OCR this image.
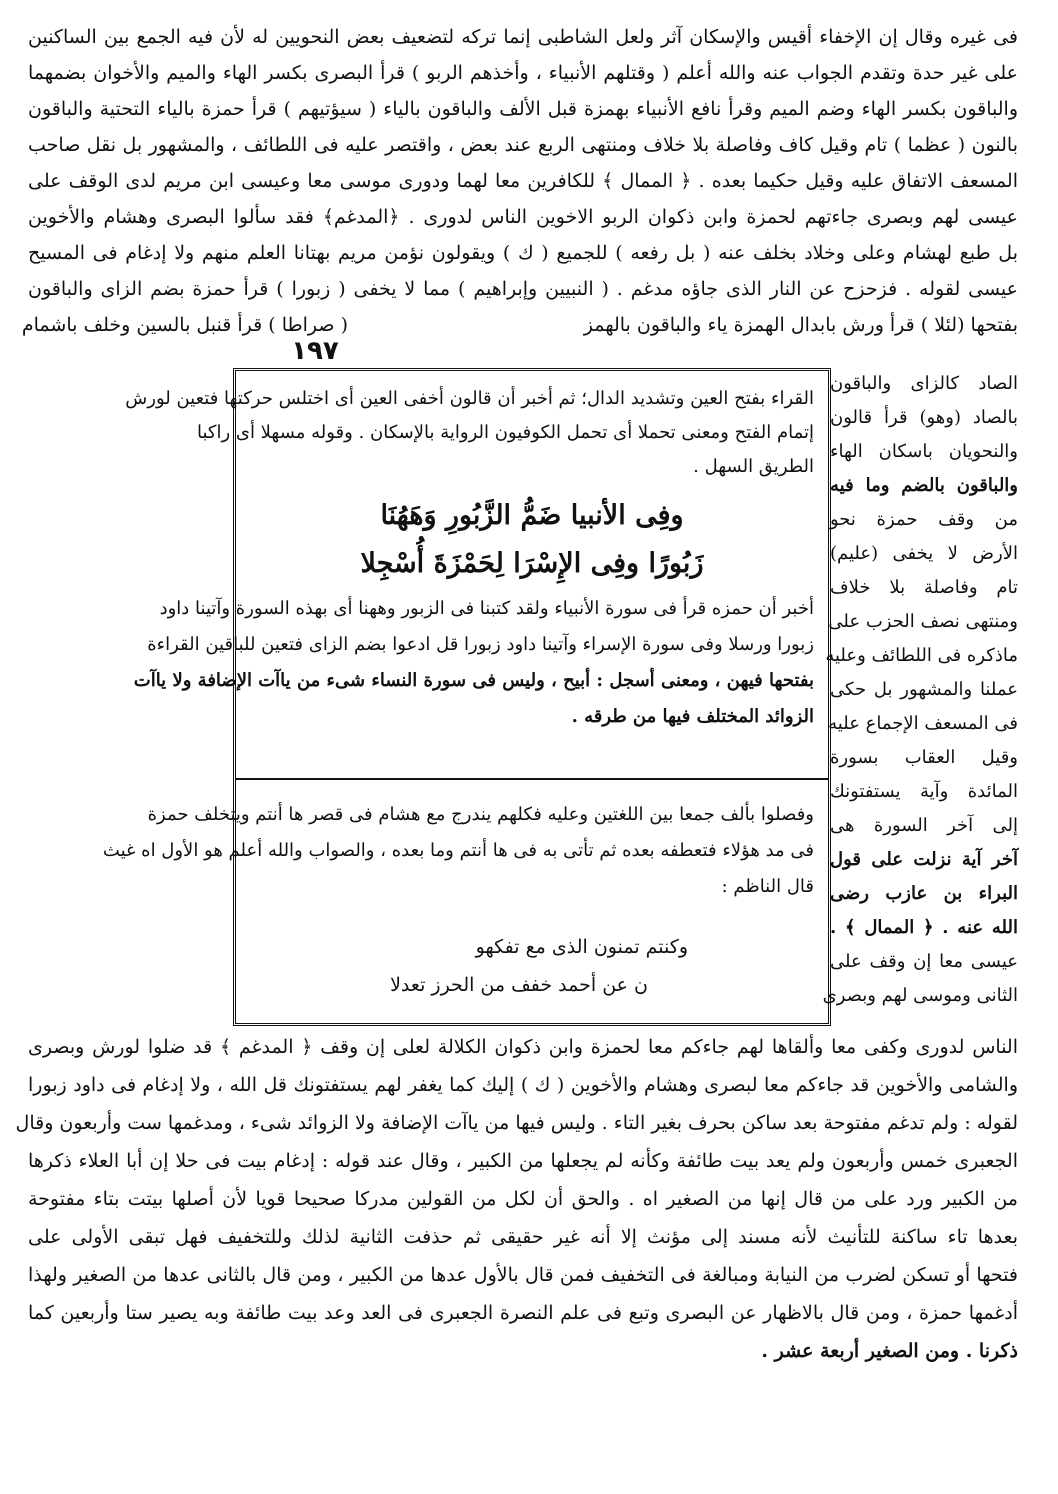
فى غيره وقال إن الإخفاء أقيس والإسكان آثر ولعل الشاطبى إنما تركه لتضعيف بعض النحويين له لأن فيه الجمع بين الساكنين
على غير حدة وتقدم الجواب عنه والله أعلم ( وقتلهم الأنبياء ، وأخذهم الربو ) قرأ البصرى بكسر الهاء والميم والأخوان بضمهما
والباقون بكسر الهاء وضم الميم وقرأ نافع الأنبياء بهمزة قبل الألف والباقون بالياء ( سيؤتيهم ) قرأ حمزة بالياء التحتية والباقون
بالنون ( عظما ) تام وقيل كاف وفاصلة بلا خلاف ومنتهى الربع عند بعض ، واقتصر عليه فى اللطائف ، والمشهور بل نقل صاحب
المسعف الاتفاق عليه وقيل حكيما بعده . ﴿ الممال ﴾ للكافرين معا لهما ودورى موسى معا وعيسى ابن مريم لدى الوقف على
عيسى لهم وبصرى جاءتهم لحمزة وابن ذكوان الربو الاخوين الناس لدورى . ﴿المدغم﴾ فقد سألوا البصرى وهشام والأخوين
بل طبع لهشام وعلى وخلاد بخلف عنه ( بل رفعه ) للجميع ( ك ) ويقولون نؤمن مريم بهتانا العلم منهم ولا إدغام فى المسيح
عيسى لقوله . فزحزح عن النار الذى جاؤه مدغم . ( النبيين وإبراهيم ) مما لا يخفى ( زبورا ) قرأ حمزة بضم الزاى والباقون
بفتحها (لئلا ) قرأ ورش بابدال الهمزة ياء والباقون بالهمز
( صراطا ) قرأ قنبل بالسين وخلف باشمام
١٩٧
الصاد كالزاى والباقون
بالصاد (وهو) قرأ قالون
والنحويان باسكان الهاء
والباقون بالضم وما فيه
من وقف حمزة نحو
الأرض لا يخفى (عليم)
تام وفاصلة بلا خلاف
ومنتهى نصف الحزب على
ماذكره فى اللطائف وعليه
عملنا والمشهور بل حكى
فى المسعف الإجماع عليه
وقيل العقاب بسورة
المائدة وآية يستفتونك
إلى آخر السورة هى
آخر آية نزلت على قول
البراء بن عازب رضى
الله عنه . ﴿ الممال ﴾ .
عيسى معا إن وقف على
الثانى وموسى لهم وبصرى
القراء بفتح العين وتشديد الدال؛ ثم أخبر أن قالون أخفى العين أى اختلس حركتها فتعين لورش
إتمام الفتح ومعنى تحملا أى تحمل الكوفيون الرواية بالإسكان . وقوله مسهلا أى راكبا
الطريق السهل .
وفِى الأنبيا ضَمُّ الزَّبُورِ وَهَهُنَا
زَبُورًا وفِى الإِسْرَا لِحَمْزَةَ أُسْجِلا
أخبر أن حمزه قرأ فى سورة الأنبياء ولقد كتبنا فى الزبور وههنا أى بهذه السورة وآتينا داود
زبورا ورسلا وفى سورة الإسراء وآتينا داود زبورا قل ادعوا بضم الزاى فتعين للباقين القراءة
بفتحها فيهن ، ومعنى أسجل : أبيح ، وليس فى سورة النساء شىء من ياآت الإضافة ولا ياآت
الزوائد المختلف فيها من طرقه .
وفصلوا بألف جمعا بين اللغتين وعليه فكلهم يندرج مع هشام فى قصر ها أنتم ويتخلف حمزة
فى مد هؤلاء فتعطفه بعده ثم تأتى به فى ها أنتم وما بعده ، والصواب والله أعلم هو الأول اه غيث
قال الناظم :
وكنتم تمنون الذى مع تفكهو
ن عن أحمد خفف من الحرز تعدلا
الناس لدورى وكفى معا وألقاها لهم جاءكم معا لحمزة وابن ذكوان الكلالة لعلى إن وقف ﴿ المدغم ﴾ قد ضلوا لورش وبصرى
والشامى والأخوين قد جاءكم معا لبصرى وهشام والأخوين ( ك ) إليك كما يغفر لهم يستفتونك قل الله ، ولا إدغام فى داود زبورا
لقوله : ولم تدغم مفتوحة بعد ساكن بحرف بغير التاء . وليس فيها من ياآت الإضافة ولا الزوائد شىء ، ومدغمها ست وأربعون وقال
الجعبرى خمس وأربعون ولم يعد بيت طائفة وكأنه لم يجعلها من الكبير ، وقال عند قوله : إدغام بيت فى حلا إن أبا العلاء ذكرها
من الكبير ورد على من قال إنها من الصغير اه . والحق أن لكل من القولين مدركا صحيحا قويا لأن أصلها بيتت بتاء مفتوحة
بعدها تاء ساكنة للتأنيث لأنه مسند إلى مؤنث إلا أنه غير حقيقى ثم حذفت الثانية لذلك وللتخفيف فهل تبقى الأولى على
فتحها أو تسكن لضرب من النيابة ومبالغة فى التخفيف فمن قال بالأول عدها من الكبير ، ومن قال بالثانى عدها من الصغير ولهذا
أدغمها حمزة ، ومن قال بالاظهار عن البصرى وتبع فى علم النصرة الجعبرى فى العد وعد بيت طائفة وبه يصير ستا وأربعين كما
ذكرنا . ومن الصغير أربعة عشر .
